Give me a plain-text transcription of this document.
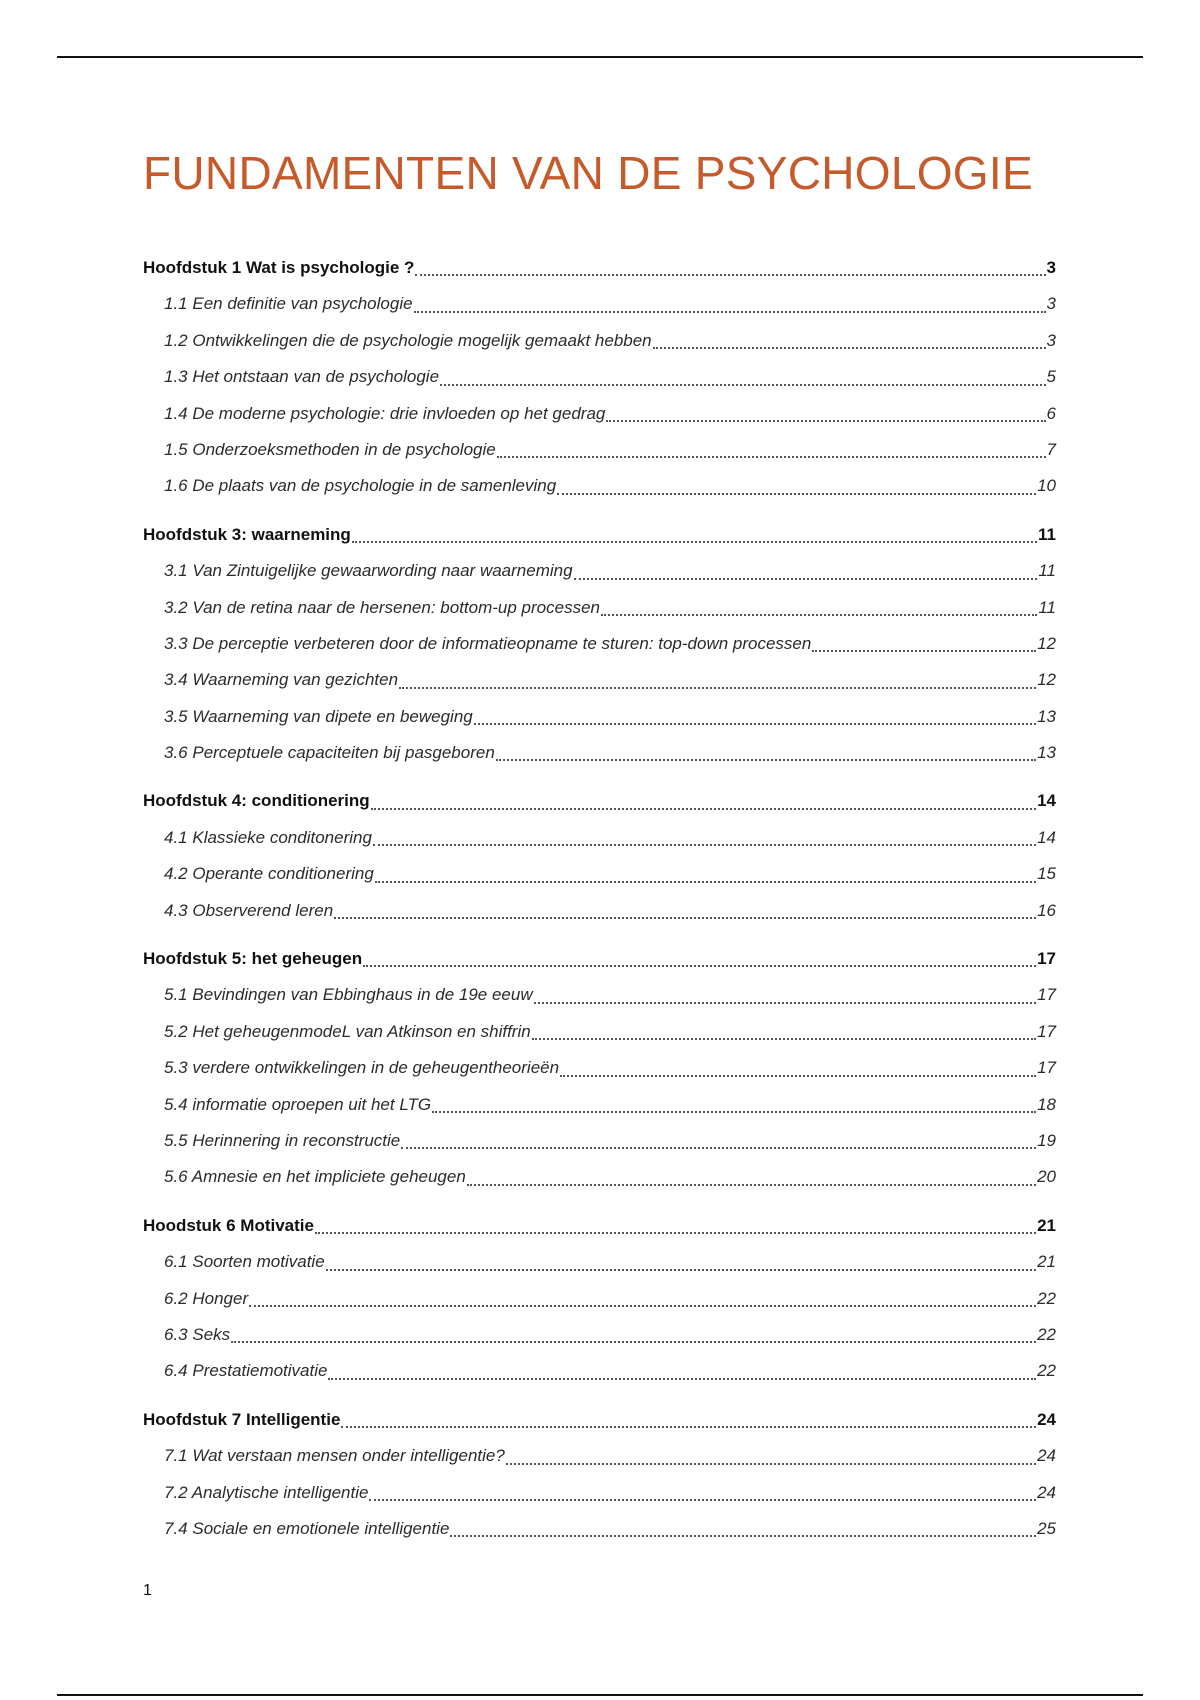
FUNDAMENTEN VAN DE PSYCHOLOGIE
Hoofdstuk 1 Wat is psychologie ?	3
1.1 Een definitie van psychologie	3
1.2 Ontwikkelingen die de psychologie mogelijk gemaakt hebben	3
1.3 Het ontstaan van de psychologie	5
1.4 De moderne psychologie: drie invloeden op het gedrag	6
1.5 Onderzoeksmethoden in de psychologie	7
1.6 De plaats van de psychologie in de samenleving	10
Hoofdstuk 3: waarneming	11
3.1 Van Zintuigelijke gewaarwording naar waarneming	11
3.2 Van de retina naar de hersenen: bottom-up processen	11
3.3 De perceptie verbeteren door de informatieopname te sturen: top-down processen	12
3.4 Waarneming van gezichten	12
3.5 Waarneming van dipete en beweging	13
3.6 Perceptuele capaciteiten bij pasgeboren	13
Hoofdstuk 4: conditionering	14
4.1 Klassieke conditonering	14
4.2 Operante conditionering	15
4.3 Observerend leren	16
Hoofdstuk 5: het geheugen	17
5.1 Bevindingen van Ebbinghaus in de 19e eeuw	17
5.2 Het geheugenmodeL van Atkinson en shiffrin	17
5.3 verdere ontwikkelingen in de geheugentheorieën	17
5.4 informatie oproepen uit het LTG	18
5.5 Herinnering in reconstructie	19
5.6 Amnesie en het impliciete geheugen	20
Hoodstuk 6 Motivatie	21
6.1 Soorten motivatie	21
6.2 Honger	22
6.3 Seks	22
6.4 Prestatiemotivatie	22
Hoofdstuk 7 Intelligentie	24
7.1 Wat verstaan mensen onder intelligentie?	24
7.2 Analytische intelligentie	24
7.4 Sociale en emotionele intelligentie	25
1
